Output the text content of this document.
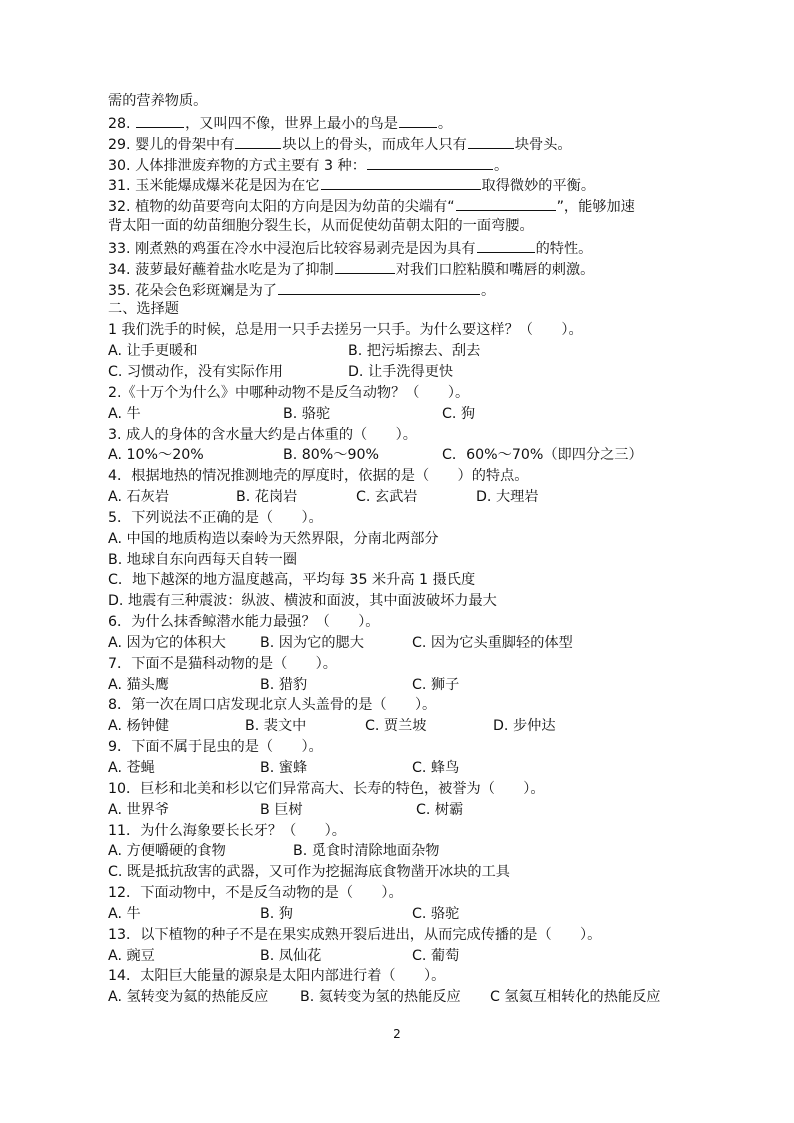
需的营养物质。
28.	，又叫四不像，世界上最小的鸟是	。
29. 婴儿的骨架中有	块以上的骨头，而成年人只有	块骨头。
30. 人体排泄废弃物的方式主要有 3 种：	。
31. 玉米能爆成爆米花是因为在它	取得微妙的平衡。
32. 植物的幼苗要弯向太阳的方向是因为幼苗的尖端有“	”，能够加速
背太阳一面的幼苗细胞分裂生长，从而促使幼苗朝太阳的一面弯腰。
33. 刚煮熟的鸡蛋在冷水中浸泡后比较容易剥壳是因为具有	的特性。
34. 菠萝最好蘸着盐水吃是为了抑制	对我们口腔粘膜和嘴唇的刺激。
35. 花朵会色彩斑斓是为了	。
二、选择题
1 我们洗手的时候，总是用一只手去搓另一只手。为什么要这样？（　　）。
A. 让手更暖和	B. 把污垢擦去、刮去
C. 习惯动作，没有实际作用	D. 让手洗得更快
2.《十万个为什么》中哪种动物不是反刍动物？（　　）。
A. 牛	B. 骆驼	C. 狗
3. 成人的身体的含水量大约是占体重的（　　）。
A. 10%～20%	B. 80%～90%	C．60%～70%（即四分之三）
4．根据地热的情况推测地壳的厚度时，依据的是（　　）的特点。
A. 石灰岩	B. 花岗岩	C. 玄武岩	D. 大理岩
5．下列说法不正确的是（　　）。
A. 中国的地质构造以秦岭为天然界限，分南北两部分
B. 地球自东向西每天自转一圈
C．地下越深的地方温度越高，平均每 35 米升高 1 摄氏度
D. 地震有三种震波：纵波、横波和面波，其中面波破坏力最大
6．为什么抹香鲸潜水能力最强？（　　）。
A. 因为它的体积大	B. 因为它的腮大	C. 因为它头重脚轻的体型
7．下面不是猫科动物的是（　　）。
A. 猫头鹰	B. 猎豹	C. 狮子
8．第一次在周口店发现北京人头盖骨的是（　　）。
A. 杨钟健	B. 裴文中	C. 贾兰坡	D. 步仲达
9．下面不属于昆虫的是（　　）。
A. 苍蝇	B. 蜜蜂	C. 蜂鸟
10．巨杉和北美和杉以它们异常高大、长寿的特色，被誉为（　　）。
A. 世界爷	B 巨树	C. 树霸
11．为什么海象要长长牙？（　　）。
A. 方便嚼硬的食物	B. 觅食时清除地面杂物
C. 既是抵抗敌害的武器，又可作为挖掘海底食物凿开冰块的工具
12．下面动物中，不是反刍动物的是（　　）。
A. 牛	B. 狗	C. 骆驼
13．以下植物的种子不是在果实成熟开裂后进出，从而完成传播的是（　　）。
A. 豌豆	B. 凤仙花	C. 葡萄
14．太阳巨大能量的源泉是太阳内部进行着（　　）。
A. 氢转变为氦的热能反应	B. 氦转变为氢的热能反应	C 氢氦互相转化的热能反应
2
